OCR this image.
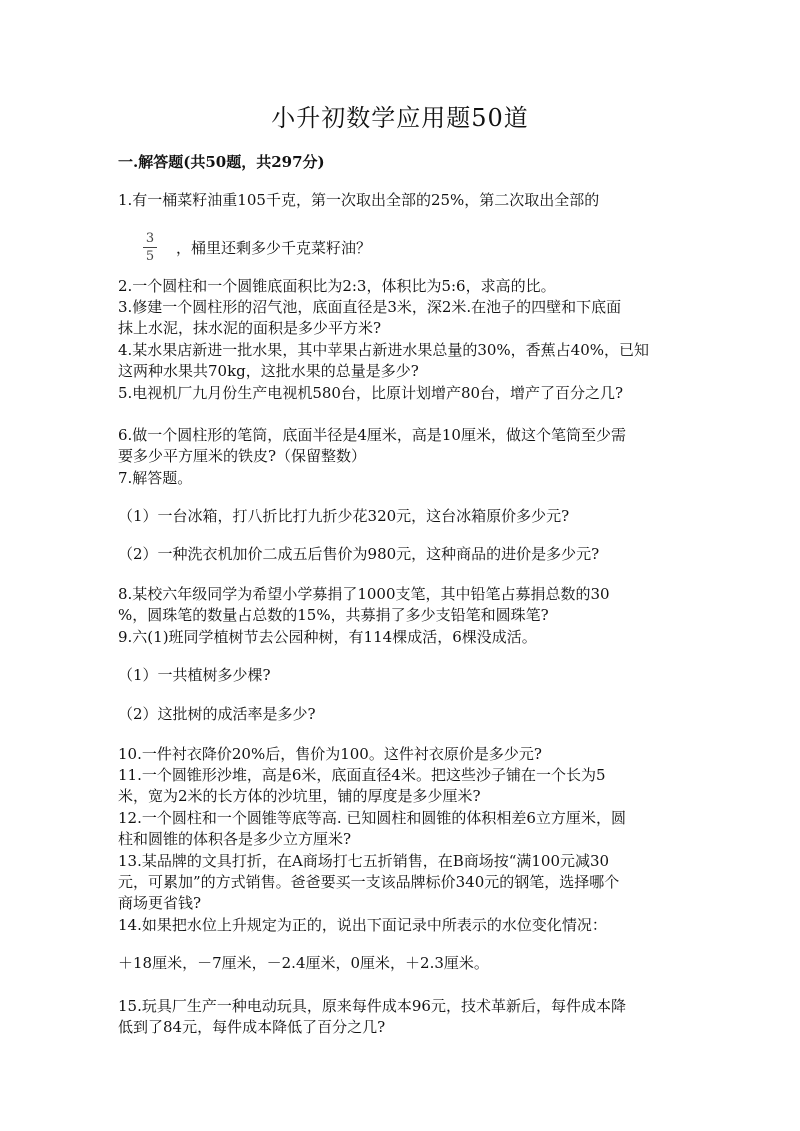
小升初数学应用题50道
一.解答题(共50题，共297分)
1.有一桶菜籽油重105千克，第一次取出全部的25%，第二次取出全部的
3
5 ，桶里还剩多少千克菜籽油？
2.一个圆柱和一个圆锥底面积比为2:3，体积比为5:6，求高的比。
3.修建一个圆柱形的沼气池，底面直径是3米，深2米.在池子的四壁和下底面
抹上水泥，抹水泥的面积是多少平方米?
4.某水果店新进一批水果，其中苹果占新进水果总量的30%，香蕉占40%，已知
这两种水果共70kg，这批水果的总量是多少?
5.电视机厂九月份生产电视机580台，比原计划增产80台，增产了百分之几?
6.做一个圆柱形的笔筒，底面半径是4厘米，高是10厘米，做这个笔筒至少需
要多少平方厘米的铁皮?（保留整数）
7.解答题。
（1）一台冰箱，打八折比打九折少花320元，这台冰箱原价多少元?
（2）一种洗衣机加价二成五后售价为980元，这种商品的进价是多少元?
8.某校六年级同学为希望小学募捐了1000支笔，其中铅笔占募捐总数的30
%，圆珠笔的数量占总数的15%，共募捐了多少支铅笔和圆珠笔?
9.六(1)班同学植树节去公园种树，有114棵成活，6棵没成活。
（1）一共植树多少棵?
（2）这批树的成活率是多少?
10.一件衬衣降价20%后，售价为100。这件衬衣原价是多少元?
11.一个圆锥形沙堆，高是6米，底面直径4米。把这些沙子铺在一个长为5
米，宽为2米的长方体的沙坑里，铺的厚度是多少厘米?
12.一个圆柱和一个圆锥等底等高. 已知圆柱和圆锥的体积相差6立方厘米，圆
柱和圆锥的体积各是多少立方厘米?
13.某品牌的文具打折，在A商场打七五折销售，在B商场按“满100元减30
元，可累加”的方式销售。爸爸要买一支该品牌标价340元的钢笔，选择哪个
商场更省钱?
14.如果把水位上升规定为正的，说出下面记录中所表示的水位变化情况：
＋18厘米，－7厘米，－2.4厘米，0厘米，＋2.3厘米。
15.玩具厂生产一种电动玩具，原来每件成本96元，技术革新后，每件成本降
低到了84元，每件成本降低了百分之几?
